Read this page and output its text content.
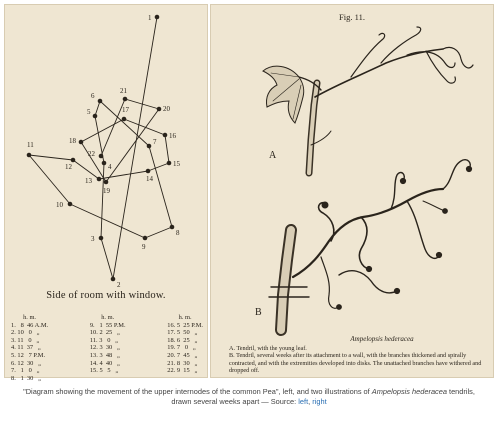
1
2
3
4
5
6
7
8
9
10
11
12
13	14
15
16
17
18
19
20
21
22
Side of room with window.
h. m.
1.   8  46 A.M.
2. 10   0   „
3. 11   0   „
4. 11  37   „
5. 12   7 P.M.
6. 12  30   „
7.   1   0   „
8.   1  30   „
h. m.
9.   1  55 P.M.
10. 2  25   „
11. 3   0   „
12. 3  30   „
13. 3  48   „
14. 4  40   „
15. 5   5   „
h. m.
16. 5  25 P.M.
17. 5  50   „
18. 6  25   „
19. 7   0   „
20. 7  45   „
21. 8  30   „
22. 9  15   „
Fig. 11.
A
B
Ampelopsis hederacea
A. Tendril, with the young leaf.
B. Tendril, several weeks after its attachment to a wall, with the branches thickened and spirally contracted, and with the extremities developed into disks. The unattached branches have withered and dropped off.
"Diagram showing the movement of the upper internodes of the common Pea", left, and two illustrations of Ampelopsis hederacea tendrils, drawn several weeks apart — Source: left, right
